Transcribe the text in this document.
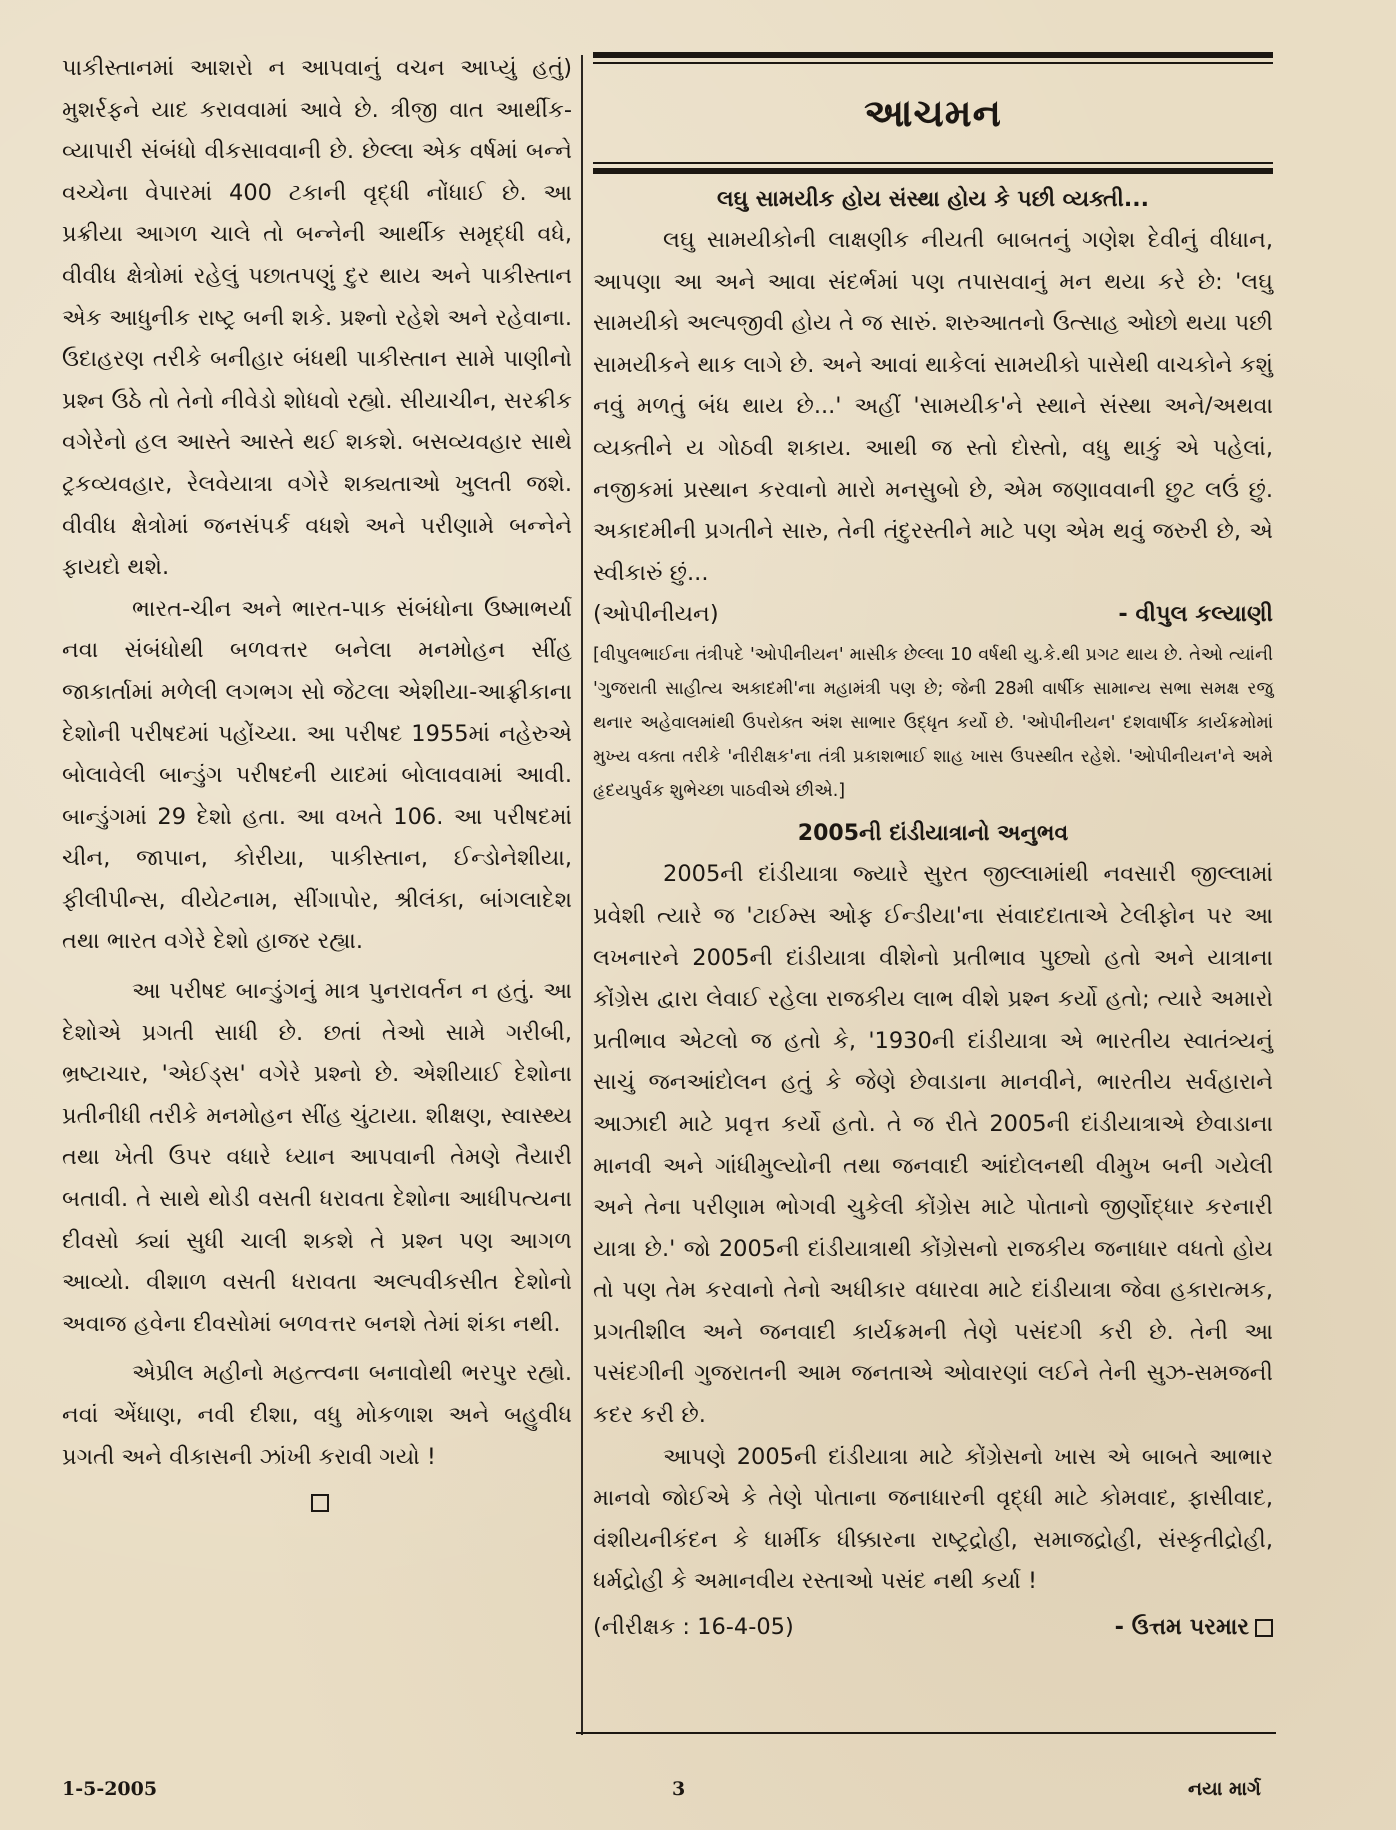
પાકીસ્તાનમાં આશરો ન આપવાનું વચન આપ્યું હતું) મુશર્રફને યાદ કરાવવામાં આવે છે. ત્રીજી વાત આર્થીક-વ્યાપારી સંબંધો વીકસાવવાની છે. છેલ્લા એક વર્ષમાં બન્ને વચ્ચેના વેપારમાં 400 ટકાની વૃદ્ધી નોંધાઈ છે. આ પ્રક્રીયા આગળ ચાલે તો બન્નેની આર્થીક સમૃદ્ધી વધે, વીવીધ ક્ષેત્રોમાં રહેલું પછાતપણું દુર થાય અને પાકીસ્તાન એક આધુનીક રાષ્ટ્ર બની શકે. પ્રશ્નો રહેશે અને રહેવાના. ઉદાહરણ તરીકે બનીહાર બંધથી પાકીસ્તાન સામે પાણીનો પ્રશ્ન ઉઠે તો તેનો નીવેડો શોધવો રહ્યો. સીયાચીન, સરક્રીક વગેરેનો હલ આસ્તે આસ્તે થઈ શકશે. બસવ્યવહાર સાથે ટ્રકવ્યવહાર, રેલવેયાત્રા વગેરે શક્યતાઓ ખુલતી જશે. વીવીધ ક્ષેત્રોમાં જનસંપર્ક વધશે અને પરીણામે બન્નેને ફાયદો થશે.

ભારત-ચીન અને ભારત-પાક સંબંધોના ઉષ્માભર્યા નવા સંબંધોથી બળવત્તર બનેલા મનમોહન સીંહ જાકાર્તામાં મળેલી લગભગ સો જેટલા એશીયા-આફ્રીકાના દેશોની પરીષદમાં પહોંચ્યા. આ પરીષદ 1955માં નહેરુએ બોલાવેલી બાન્ડુંગ પરીષદની યાદમાં બોલાવવામાં આવી. બાન્ડુંગમાં 29 દેશો હતા. આ વખતે 106. આ પરીષદમાં ચીન, જાપાન, કોરીયા, પાકીસ્તાન, ઈન્ડોનેશીયા, ફીલીપીન્સ, વીયેટનામ, સીંગાપોર, શ્રીલંકા, બાંગલાદેશ તથા ભારત વગેરે દેશો હાજર રહ્યા.

આ પરીષદ બાન્ડુંગનું માત્ર પુનરાવર્તન ન હતું. આ દેશોએ પ્રગતી સાધી છે. છતાં તેઓ સામે ગરીબી, ભ્રષ્ટાચાર, 'એઈડ્સ' વગેરે પ્રશ્નો છે. એશીયાઈ દેશોના પ્રતીનીધી તરીકે મનમોહન સીંહ ચુંટાયા. શીક્ષણ, સ્વાસ્થ્ય તથા ખેતી ઉપર વધારે ધ્યાન આપવાની તેમણે તૈયારી બતાવી. તે સાથે થોડી વસતી ધરાવતા દેશોના આધીપત્યના દીવસો ક્યાં સુધી ચાલી શકશે તે પ્રશ્ન પણ આગળ આવ્યો. વીશાળ વસતી ધરાવતા અલ્પવીકસીત દેશોનો અવાજ હવેના દીવસોમાં બળવત્તર બનશે તેમાં શંકા નથી.

એપ્રીલ મહીનો મહત્ત્વના બનાવોથી ભરપુર રહ્યો. નવાં એંધાણ, નવી દીશા, વધુ મોકળાશ અને બહુવીધ પ્રગતી અને વીકાસની ઝાંખી કરાવી ગયો !

આચમન
લઘુ સામયીક હોય સંસ્થા હોય કે પછી વ્યક્તી...

લઘુ સામયીકોની લાક્ષણીક નીયતી બાબતનું ગણેશ દેવીનું વીધાન, આપણા આ અને આવા સંદર્ભમાં પણ તપાસવાનું મન થયા કરે છે: 'લઘુ સામયીકો અલ્પજીવી હોય તે જ સારું. શરુઆતનો ઉત્સાહ ઓછો થયા પછી સામયીકને થાક લાગે છે. અને આવાં થાકેલાં સામયીકો પાસેથી વાચકોને કશું નવું મળતું બંધ થાય છે...' અહીં 'સામયીક'ને સ્થાને સંસ્થા અને/અથવા વ્યક્તીને ય ગોઠવી શકાય. આથી જ સ્તો દોસ્તો, વધુ થાકું એ પહેલાં, નજીકમાં પ્રસ્થાન કરવાનો મારો મનસુબો છે, એમ જણાવવાની છુટ લઉં છું. અકાદમીની પ્રગતીને સારુ, તેની તંદુરસ્તીને માટે પણ એમ થવું જરુરી છે, એ સ્વીકારું છું...

(ઓપીનીયન)	- વીપુલ કલ્યાણી
[વીપુલભાઈના તંત્રીપદે 'ઓપીનીયન' માસીક છેલ્લા 10 વર્ષથી યુ.કે.થી પ્રગટ થાય છે. તેઓ ત્યાંની 'ગુજરાતી સાહીત્ય અકાદમી'ના મહામંત્રી પણ છે; જેની 28મી વાર્ષીક સામાન્ય સભા સમક્ષ રજુ થનાર અહેવાલમાંથી ઉપરોક્ત અંશ સાભાર ઉદ્ધૃત કર્યો છે. 'ઓપીનીયન' દશવાર્ષીક કાર્યક્રમોમાં મુખ્ય વક્તા તરીકે 'નીરીક્ષક'ના તંત્રી પ્રકાશભાઈ શાહ ખાસ ઉપસ્થીત રહેશે. 'ઓપીનીયન'ને અમે હૃદયપુર્વક શુભેચ્છા પાઠવીએ છીએ.]
2005ની દાંડીયાત્રાનો અનુભવ

2005ની દાંડીયાત્રા જ્યારે સુરત જીલ્લામાંથી નવસારી જીલ્લામાં પ્રવેશી ત્યારે જ 'ટાઈમ્સ ઓફ ઈન્ડીયા'ના સંવાદદાતાએ ટેલીફોન પર આ લખનારને 2005ની દાંડીયાત્રા વીશેનો પ્રતીભાવ પુછ્યો હતો અને યાત્રાના કોંગ્રેસ દ્વારા લેવાઈ રહેલા રાજકીય લાભ વીશે પ્રશ્ન કર્યો હતો; ત્યારે અમારો પ્રતીભાવ એટલો જ હતો કે, '1930ની દાંડીયાત્રા એ ભારતીય સ્વાતંત્ર્યનું સાચું જનઆંદોલન હતું કે જેણે છેવાડાના માનવીને, ભારતીય સર્વહારાને આઝાદી માટે પ્રવૃત્ત કર્યો હતો. તે જ રીતે 2005ની દાંડીયાત્રાએ છેવાડાના માનવી અને ગાંધીમુલ્યોની તથા જનવાદી આંદોલનથી વીમુખ બની ગયેલી અને તેના પરીણામ ભોગવી ચુકેલી કોંગ્રેસ માટે પોતાનો જીર્ણોદ્ધાર કરનારી યાત્રા છે.' જો 2005ની દાંડીયાત્રાથી કોંગ્રેસનો રાજકીય જનાધાર વધતો હોય તો પણ તેમ કરવાનો તેનો અધીકાર વધારવા માટે દાંડીયાત્રા જેવા હકારાત્મક, પ્રગતીશીલ અને જનવાદી કાર્યક્રમની તેણે પસંદગી કરી છે. તેની આ પસંદગીની ગુજરાતની આમ જનતાએ ઓવારણાં લઈને તેની સુઝ-સમજની કદર કરી છે.

આપણે 2005ની દાંડીયાત્રા માટે કોંગ્રેસનો ખાસ એ બાબતે આભાર માનવો જોઈએ કે તેણે પોતાના જનાધારની વૃદ્ધી માટે કોમવાદ, ફાસીવાદ, વંશીયનીકંદન કે ધાર્મીક ધીક્કારના રાષ્ટ્રદ્રોહી, સમાજદ્રોહી, સંસ્કૃતીદ્રોહી, ધર્મદ્રોહી કે અમાનવીય રસ્તાઓ પસંદ નથી કર્યા !

(નીરીક્ષક : 16-4-05)	- ઉત્તમ પરમાર
1-5-2005	3	નયા માર્ગ
